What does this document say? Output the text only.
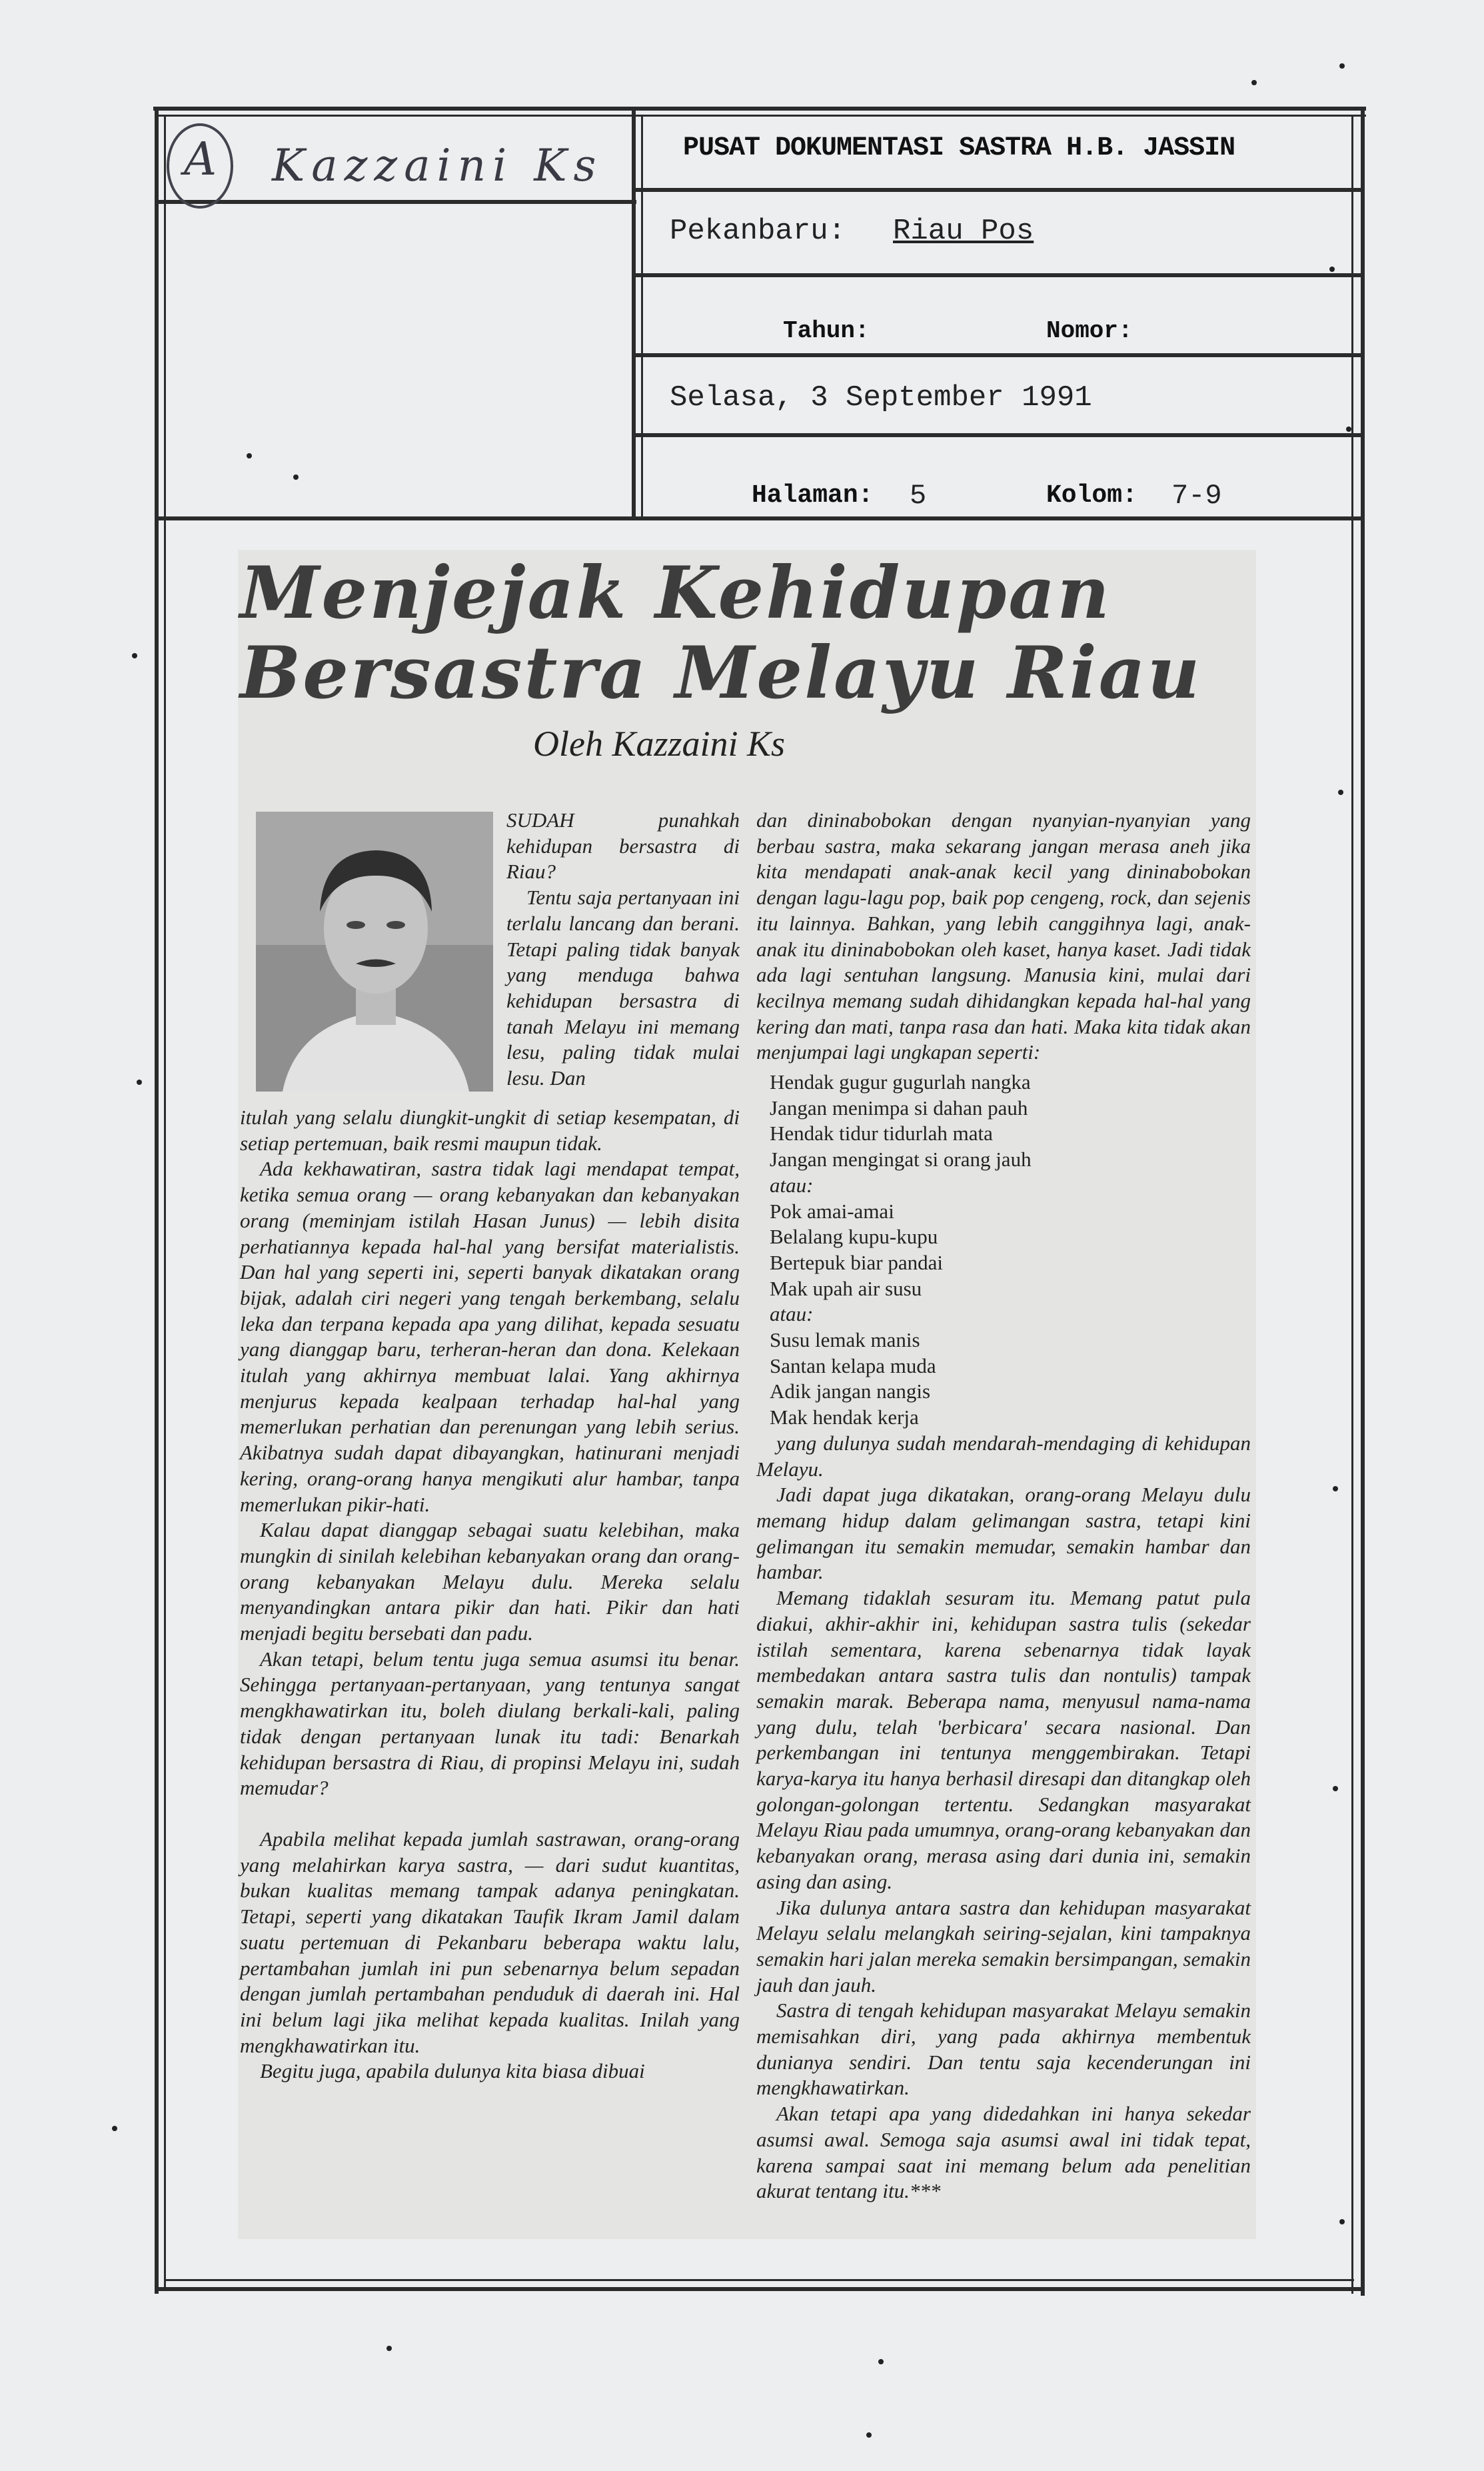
A Kazzaini Ks	PUSAT DOKUMENTASI SASTRA H.B. JASSIN
Pekanbaru: Riau Pos
Tahun:	Nomor:
Selasa, 3 September 1991
Halaman: 5	Kolom: 7-9
Menjejak Kehidupan
Bersastra Melayu Riau
Oleh Kazzaini Ks

SUDAH punahkah kehidupan bersastra di Riau?

Tentu saja pertanyaan ini terlalu lancang dan berani. Tetapi paling tidak banyak yang menduga bahwa kehidupan bersastra di tanah Melayu ini memang lesu, paling tidak mulai lesu. Dan

itulah yang selalu diungkit-ungkit di setiap kesempatan, di setiap pertemuan, baik resmi maupun tidak.

Ada kekhawatiran, sastra tidak lagi mendapat tempat, ketika semua orang — orang kebanyakan dan kebanyakan orang (meminjam istilah Hasan Junus) — lebih disita perhatiannya kepada hal-hal yang bersifat materialistis. Dan hal yang seperti ini, seperti banyak dikatakan orang bijak, adalah ciri negeri yang tengah berkembang, selalu leka dan terpana kepada apa yang dilihat, kepada sesuatu yang dianggap baru, terheran-heran dan dona. Kelekaan itulah yang akhirnya membuat lalai. Yang akhirnya menjurus kepada kealpaan terhadap hal-hal yang memerlukan perhatian dan perenungan yang lebih serius. Akibatnya sudah dapat dibayangkan, hatinurani menjadi kering, orang-orang hanya mengikuti alur hambar, tanpa memerlukan pikir-hati.

Kalau dapat dianggap sebagai suatu kelebihan, maka mungkin di sinilah kelebihan kebanyakan orang dan orang-orang kebanyakan Melayu dulu. Mereka selalu menyandingkan antara pikir dan hati. Pikir dan hati menjadi begitu bersebati dan padu.

Akan tetapi, belum tentu juga semua asumsi itu benar. Sehingga pertanyaan-pertanyaan, yang tentunya sangat mengkhawatirkan itu, boleh diulang berkali-kali, paling tidak dengan pertanyaan lunak itu tadi: Benarkah kehidupan bersastra di Riau, di propinsi Melayu ini, sudah memudar?

Apabila melihat kepada jumlah sastrawan, orang-orang yang melahirkan karya sastra, — dari sudut kuantitas, bukan kualitas memang tampak adanya peningkatan. Tetapi, seperti yang dikatakan Taufik Ikram Jamil dalam suatu pertemuan di Pekanbaru beberapa waktu lalu, pertambahan jumlah ini pun sebenarnya belum sepadan dengan jumlah pertambahan penduduk di daerah ini. Hal ini belum lagi jika melihat kepada kualitas. Inilah yang mengkhawatirkan itu.

Begitu juga, apabila dulunya kita biasa dibuai

dan dininabobokan dengan nyanyian-nyanyian yang berbau sastra, maka sekarang jangan merasa aneh jika kita mendapati anak-anak kecil yang dininabobokan dengan lagu-lagu pop, baik pop cengeng, rock, dan sejenis itu lainnya. Bahkan, yang lebih canggihnya lagi, anak-anak itu dininabobokan oleh kaset, hanya kaset. Jadi tidak ada lagi sentuhan langsung. Manusia kini, mulai dari kecilnya memang sudah dihidangkan kepada hal-hal yang kering dan mati, tanpa rasa dan hati. Maka kita tidak akan menjumpai lagi ungkapan seperti:

Hendak gugur gugurlah nangka
Jangan menimpa si dahan pauh
Hendak tidur tidurlah mata
Jangan mengingat si orang jauh
atau:
Pok amai-amai
Belalang kupu-kupu
Bertepuk biar pandai
Mak upah air susu
atau:
Susu lemak manis
Santan kelapa muda
Adik jangan nangis
Mak hendak kerja

yang dulunya sudah mendarah-mendaging di kehidupan Melayu.

Jadi dapat juga dikatakan, orang-orang Melayu dulu memang hidup dalam gelimangan sastra, tetapi kini gelimangan itu semakin memudar, semakin hambar dan hambar.

Memang tidaklah sesuram itu. Memang patut pula diakui, akhir-akhir ini, kehidupan sastra tulis (sekedar istilah sementara, karena sebenarnya tidak layak membedakan antara sastra tulis dan nontulis) tampak semakin marak. Beberapa nama, menyusul nama-nama yang dulu, telah 'berbicara' secara nasional. Dan perkembangan ini tentunya menggembirakan. Tetapi karya-karya itu hanya berhasil diresapi dan ditangkap oleh golongan-golongan tertentu. Sedangkan masyarakat Melayu Riau pada umumnya, orang-orang kebanyakan dan kebanyakan orang, merasa asing dari dunia ini, semakin asing dan asing.

Jika dulunya antara sastra dan kehidupan masyarakat Melayu selalu melangkah seiring-sejalan, kini tampaknya semakin hari jalan mereka semakin bersimpangan, semakin jauh dan jauh.

Sastra di tengah kehidupan masyarakat Melayu semakin memisahkan diri, yang pada akhirnya membentuk dunianya sendiri. Dan tentu saja kecenderungan ini mengkhawatirkan.

Akan tetapi apa yang didedahkan ini hanya sekedar asumsi awal. Semoga saja asumsi awal ini tidak tepat, karena sampai saat ini memang belum ada penelitian akurat tentang itu.***
